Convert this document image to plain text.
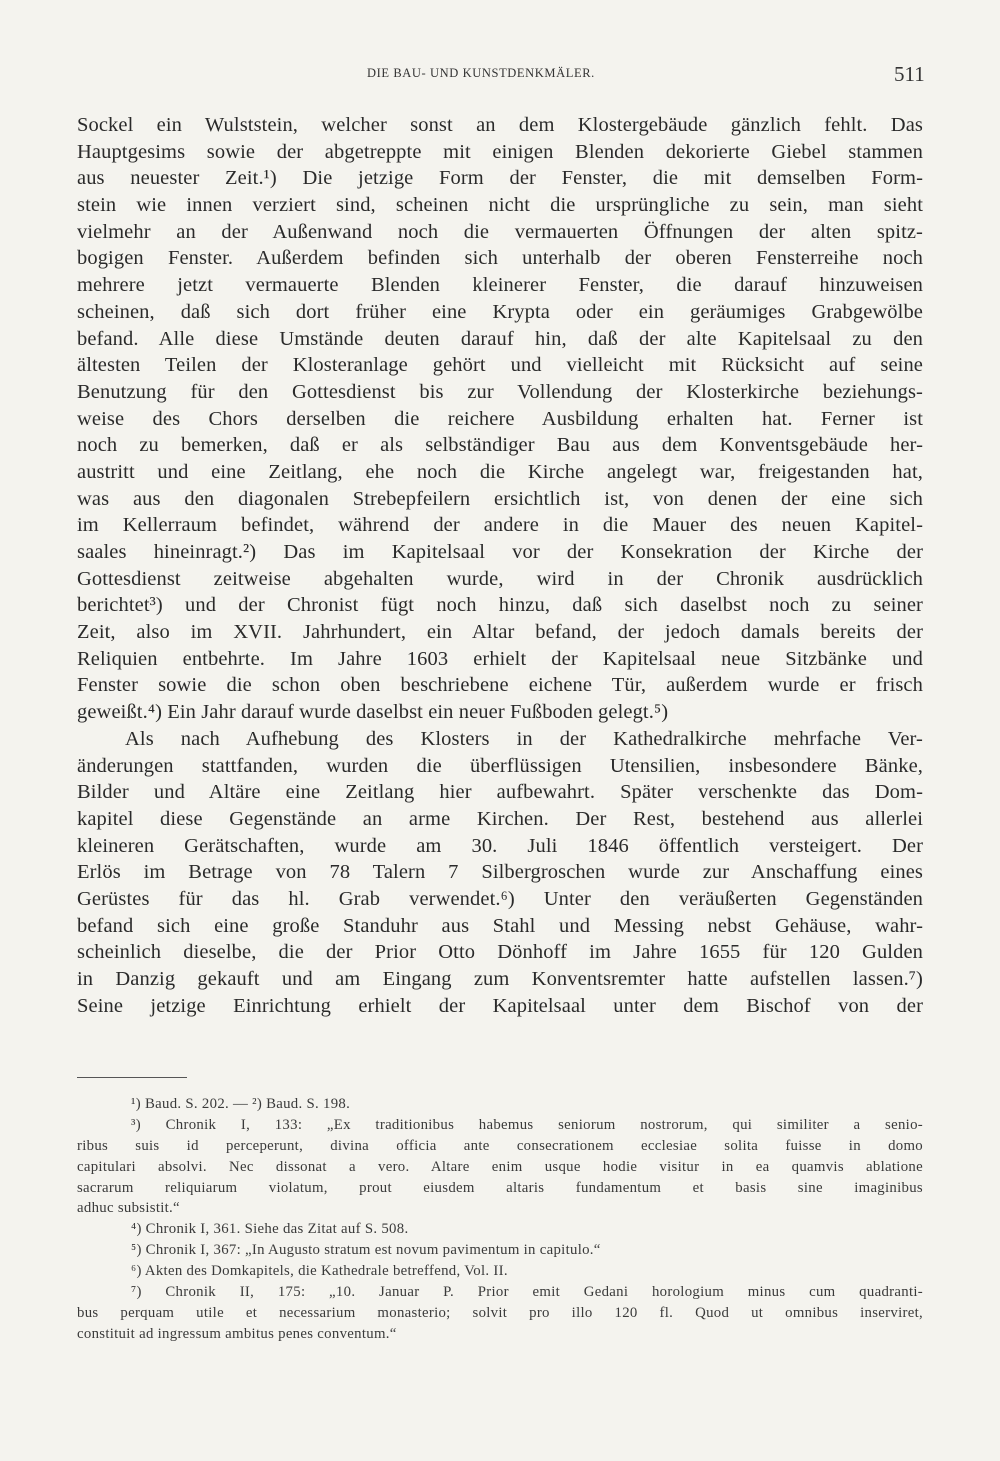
DIE BAU- UND KUNSTDENKMÄLER.	511
Sockel ein Wulststein, welcher sonst an dem Klostergebäude gänzlich fehlt. Das
Hauptgesims sowie der abgetreppte mit einigen Blenden dekorierte Giebel stammen
aus neuester Zeit.¹) Die jetzige Form der Fenster, die mit demselben Form-
stein wie innen verziert sind, scheinen nicht die ursprüngliche zu sein, man sieht
vielmehr an der Außenwand noch die vermauerten Öffnungen der alten spitz-
bogigen Fenster. Außerdem befinden sich unterhalb der oberen Fensterreihe noch
mehrere jetzt vermauerte Blenden kleinerer Fenster, die darauf hinzuweisen
scheinen, daß sich dort früher eine Krypta oder ein geräumiges Grabgewölbe
befand. Alle diese Umstände deuten darauf hin, daß der alte Kapitelsaal zu den
ältesten Teilen der Klosteranlage gehört und vielleicht mit Rücksicht auf seine
Benutzung für den Gottesdienst bis zur Vollendung der Klosterkirche beziehungs-
weise des Chors derselben die reichere Ausbildung erhalten hat. Ferner ist
noch zu bemerken, daß er als selbständiger Bau aus dem Konventsgebäude her-
austritt und eine Zeitlang, ehe noch die Kirche angelegt war, freigestanden hat,
was aus den diagonalen Strebepfeilern ersichtlich ist, von denen der eine sich
im Kellerraum befindet, während der andere in die Mauer des neuen Kapitel-
saales hineinragt.²) Das im Kapitelsaal vor der Konsekration der Kirche der
Gottesdienst zeitweise abgehalten wurde, wird in der Chronik ausdrücklich
berichtet³) und der Chronist fügt noch hinzu, daß sich daselbst noch zu seiner
Zeit, also im XVII. Jahrhundert, ein Altar befand, der jedoch damals bereits der
Reliquien entbehrte. Im Jahre 1603 erhielt der Kapitelsaal neue Sitzbänke und
Fenster sowie die schon oben beschriebene eichene Tür, außerdem wurde er frisch
geweißt.⁴) Ein Jahr darauf wurde daselbst ein neuer Fußboden gelegt.⁵)
Als nach Aufhebung des Klosters in der Kathedralkirche mehrfache Ver-
änderungen stattfanden, wurden die überflüssigen Utensilien, insbesondere Bänke,
Bilder und Altäre eine Zeitlang hier aufbewahrt. Später verschenkte das Dom-
kapitel diese Gegenstände an arme Kirchen. Der Rest, bestehend aus allerlei
kleineren Gerätschaften, wurde am 30. Juli 1846 öffentlich versteigert. Der
Erlös im Betrage von 78 Talern 7 Silbergroschen wurde zur Anschaffung eines
Gerüstes für das hl. Grab verwendet.⁶) Unter den veräußerten Gegenständen
befand sich eine große Standuhr aus Stahl und Messing nebst Gehäuse, wahr-
scheinlich dieselbe, die der Prior Otto Dönhoff im Jahre 1655 für 120 Gulden
in Danzig gekauft und am Eingang zum Konventsremter hatte aufstellen lassen.⁷)
Seine jetzige Einrichtung erhielt der Kapitelsaal unter dem Bischof von der
¹) Baud. S. 202. — ²) Baud. S. 198.
³) Chronik I, 133: „Ex traditionibus habemus seniorum nostrorum, qui similiter a senio-
ribus suis id perceperunt, divina officia ante consecrationem ecclesiae solita fuisse in domo
capitulari absolvi. Nec dissonat a vero. Altare enim usque hodie visitur in ea quamvis ablatione
sacrarum reliquiarum violatum, prout eiusdem altaris fundamentum et basis sine imaginibus
adhuc subsistit.“
⁴) Chronik I, 361. Siehe das Zitat auf S. 508.
⁵) Chronik I, 367: „In Augusto stratum est novum pavimentum in capitulo.“
⁶) Akten des Domkapitels, die Kathedrale betreffend, Vol. II.
⁷) Chronik II, 175: „10. Januar P. Prior emit Gedani horologium minus cum quadranti-
bus perquam utile et necessarium monasterio; solvit pro illo 120 fl. Quod ut omnibus inserviret,
constituit ad ingressum ambitus penes conventum.“
